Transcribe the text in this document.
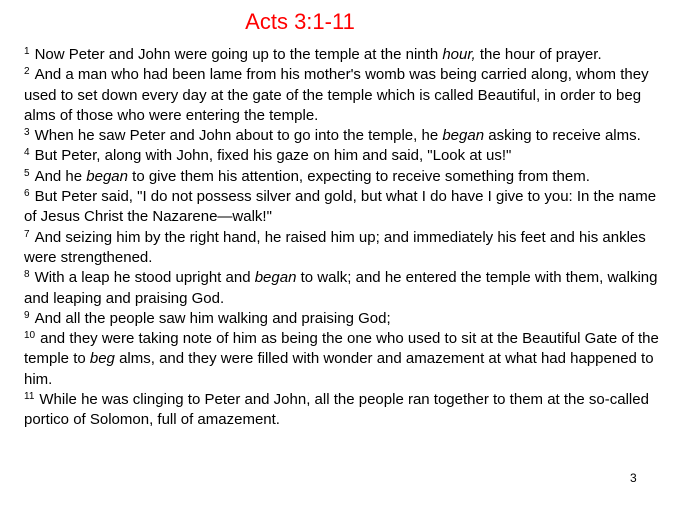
Acts 3:1-11
$^1$ Now Peter and John were going up to the temple at the ninth hour, the hour of prayer.
$^2$ And a man who had been lame from his mother's womb was being carried along, whom they used to set down every day at the gate of the temple which is called Beautiful, in order to beg alms of those who were entering the temple.
$^3$ When he saw Peter and John about to go into the temple, he began asking to receive alms.
$^4$ But Peter, along with John, fixed his gaze on him and said, "Look at us!"
$^5$ And he began to give them his attention, expecting to receive something from them.
$^6$ But Peter said, "I do not possess silver and gold, but what I do have I give to you: In the name of Jesus Christ the Nazarene—walk!"
$^7$ And seizing him by the right hand, he raised him up; and immediately his feet and his ankles were strengthened.
$^8$ With a leap he stood upright and began to walk; and he entered the temple with them, walking and leaping and praising God.
$^9$ And all the people saw him walking and praising God;
$^{10}$ and they were taking note of him as being the one who used to sit at the Beautiful Gate of the temple to beg alms, and they were filled with wonder and amazement at what had happened to him.
$^{11}$ While he was clinging to Peter and John, all the people ran together to them at the so-called portico of Solomon, full of amazement.
3
